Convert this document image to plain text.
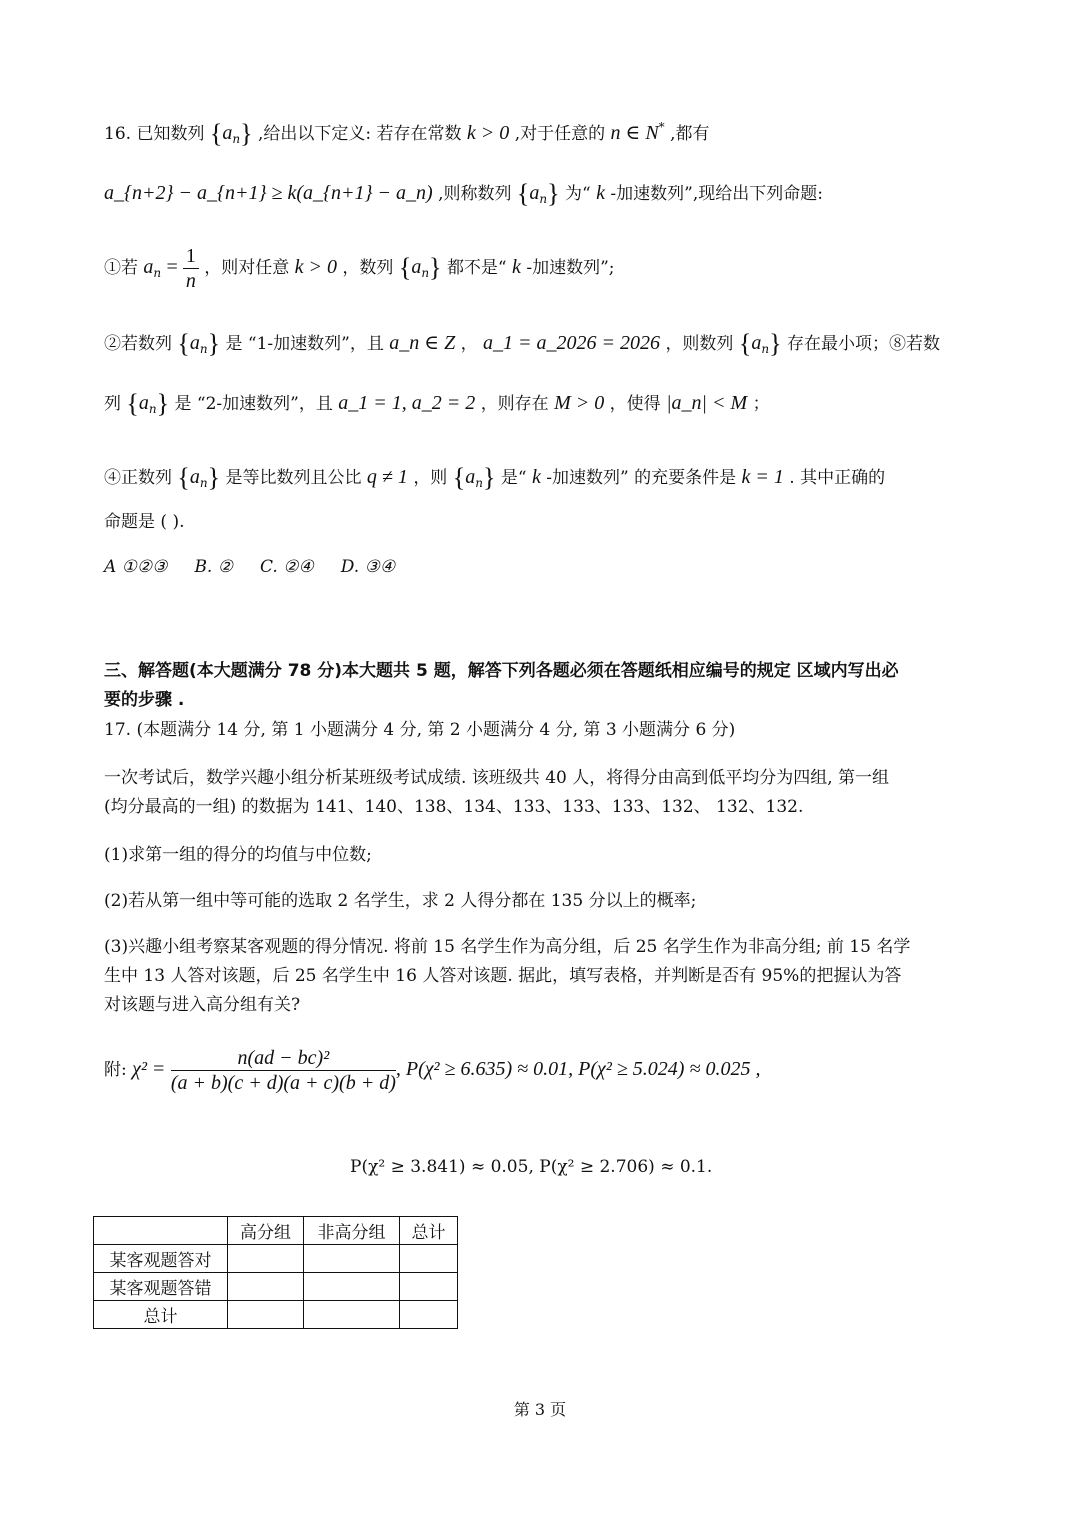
16. 已知数列 $\{a_n\}$ ,给出以下定义: 若存在常数 k > 0 ,对于任意的 n ∈ N* ,都有
a_{n+2} − a_{n+1} ≥ k(a_{n+1} − a_n) ,则称数列 $\{a_n\}$ 为“ k -加速数列”,现给出下列命题:
①若 $a_n = \frac{1}{n}$ ，则对任意 k > 0 ，数列 $\{a_n\}$ 都不是“ k -加速数列”;
②若数列 $\{a_n\}$ 是 “1-加速数列”，且 a_n ∈ Z ， a_1 = a_2026 = 2026 ，则数列 $\{a_n\}$ 存在最小项；⑧若数
列 $\{a_n\}$ 是 “2-加速数列”，且 a_1 = 1, a_2 = 2 ，则存在 M > 0 ，使得 |a_n| < M ；
④正数列 $\{a_n\}$ 是等比数列且公比 q ≠ 1 ，则 $\{a_n\}$ 是“ k -加速数列” 的充要条件是 k = 1 . 其中正确的
命题是 ( ).
A ①②③ B. ② C. ②④ D. ③④
三、解答题(本大题满分 78 分)本大题共 5 题，解答下列各题必须在答题纸相应编号的规定 区域内写出必
要的步骤 .
17. (本题满分 14 分, 第 1 小题满分 4 分, 第 2 小题满分 4 分, 第 3 小题满分 6 分)
一次考试后，数学兴趣小组分析某班级考试成绩. 该班级共 40 人，将得分由高到低平均分为四组, 第一组
(均分最高的一组) 的数据为 141、140、138、134、133、133、133、132、 132、132.
(1)求第一组的得分的均值与中位数;
(2)若从第一组中等可能的选取 2 名学生，求 2 人得分都在 135 分以上的概率;
(3)兴趣小组考察某客观题的得分情况. 将前 15 名学生作为高分组，后 25 名学生作为非高分组; 前 15 名学
生中 13 人答对该题，后 25 名学生中 16 人答对该题. 据此，填写表格，并判断是否有 95%的把握认为答
对该题与进入高分组有关?
附: $\chi^2 = \frac{\text{n(ad − bc)²}}{(a + b)(c + d)(a + c)(b + d)}$ , P(χ² ≥ 6.635) ≈ 0.01, P(χ² ≥ 5.024) ≈ 0.025 ,
P(χ² ≥ 3.841) ≈ 0.05, P(χ² ≥ 2.706) ≈ 0.1.
	高分组	非高分组	总计
某客观题答对			
某客观题答错			
总计			
第 3 页
